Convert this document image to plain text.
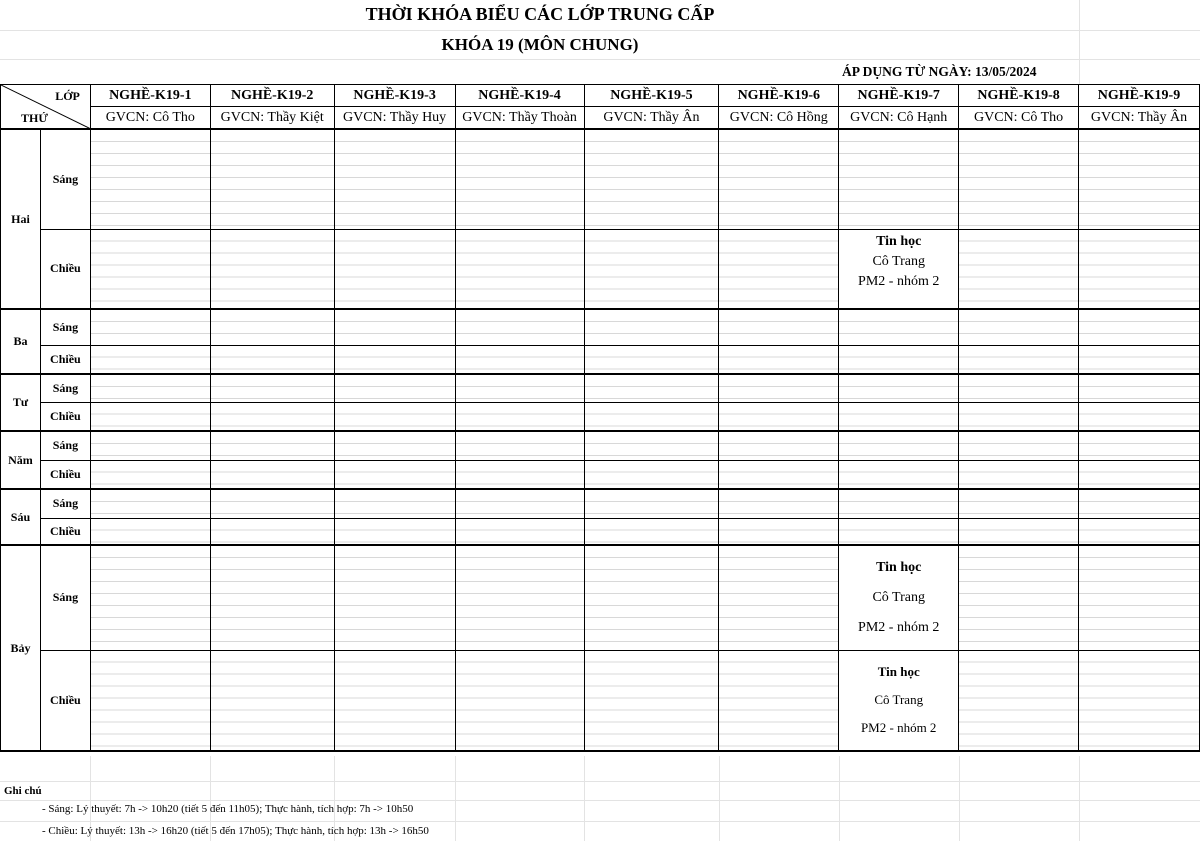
THỜI KHÓA BIỂU CÁC LỚP TRUNG CẤP
KHÓA 19 (MÔN CHUNG)
ÁP DỤNG TỪ NGÀY: 13/05/2024
LỚP
THỨ		NGHỀ-K19-1	NGHỀ-K19-2	NGHỀ-K19-3	NGHỀ-K19-4	NGHỀ-K19-5	NGHỀ-K19-6	NGHỀ-K19-7	NGHỀ-K19-8	NGHỀ-K19-9
		GVCN: Cô Tho	GVCN: Thầy Kiệt	GVCN: Thầy Huy	GVCN: Thầy Thoàn	GVCN: Thầy Ân	GVCN: Cô Hồng	GVCN: Cô Hạnh	GVCN: Cô Tho	GVCN: Thầy Ân
Hai	Sáng									
	Chiều							Tin học
Cô Trang
PM2 - nhóm 2		

Ba	Sáng									
	Chiều									
Tư	Sáng									
	Chiều									
Năm	Sáng									
	Chiều									
Sáu	Sáng									
	Chiều									
Bảy	Sáng							Tin học
Cô Trang
PM2 - nhóm 2		

	Chiều							Tin học
Cô Trang
PM2 - nhóm 2		

Ghi chú
- Sáng: Lý thuyết: 7h -> 10h20 (tiết 5 đến 11h05); Thực hành, tích hợp: 7h -> 10h50
- Chiều: Lý thuyết: 13h -> 16h20 (tiết 5 đến 17h05); Thực hành, tích hợp: 13h -> 16h50
